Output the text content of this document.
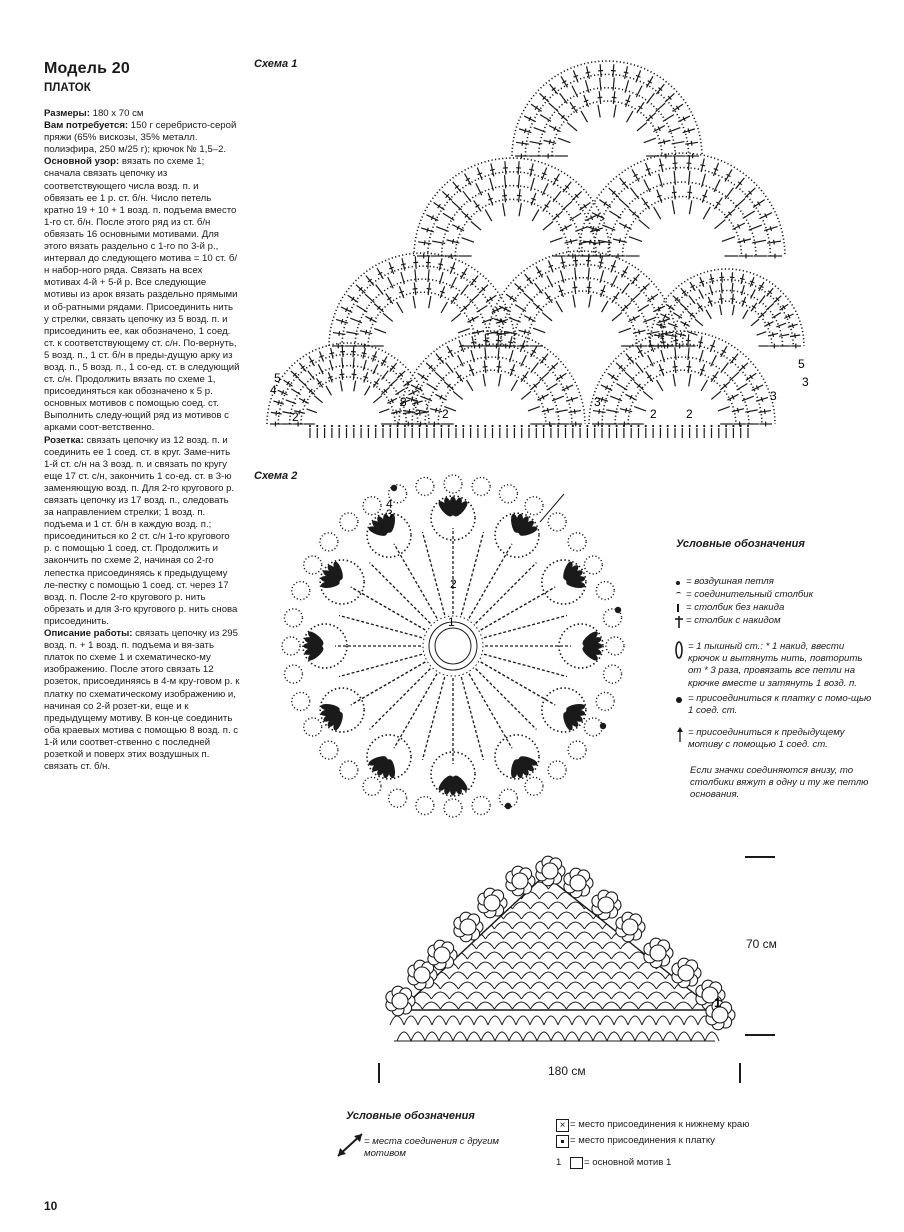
Модель 20
ПЛАТОК

Размеры: 180 х 70 см

Вам потребуется: 150 г серебристо-серой пряжи (65% вискозы, 35% металл. полиэфира, 250 м/25 г); крючок № 1,5–2.

Основной узор: вязать по схеме 1; сначала связать цепочку из соответствующего числа возд. п. и обвязать ее 1 р. ст. б/н. Число петель кратно 19 + 10 + 1 возд. п. подъема вместо 1-го ст. б/н. После этого ряд из ст. б/н обвязать 16 основными мотивами. Для этого вязать раздельно с 1-го по 3-й р., интервал до следующего мотива = 10 ст. б/н набор-ного ряда. Связать на всех мотивах 4-й + 5-й р. Все следующие мотивы из арок вязать раздельно прямыми и об-ратными рядами. Присоединить нить у стрелки, связать цепочку из 5 возд. п. и присоединить ее, как обозначено, 1 соед. ст. к соответствующему ст. с/н. По-вернуть, 5 возд. п., 1 ст. б/н в преды-дущую арку из возд. п., 5 возд. п., 1 со-ед. ст. в следующий ст. с/н. Продолжить вязать по схеме 1, присоединяться как обозначено к 5 р. основных мотивов с помощью соед. ст. Выполнить следу-ющий ряд из мотивов с арками соот-ветственно.

Розетка: связать цепочку из 12 возд. п. и соединить ее 1 соед. ст. в круг. Заме-нить 1-й ст. с/н на 3 возд. п. и связать по кругу еще 17 ст. с/н, закончить 1 со-ед. ст. в 3-ю заменяющую возд. п. Для 2-го кругового р. связать цепочку из 17 возд. п., следовать за направлением стрелки; 1 возд. п. подъема и 1 ст. б/н в каждую возд. п.; присоединиться ко 2 ст. с/н 1-го кругового р. с помощью 1 соед. ст. Продолжить и закончить по схеме 2, начиная со 2-го лепестка присоединяясь к предыдущему ле-пестку с помощью 1 соед. ст. через 17 возд. п. После 2-го кругового р. нить обрезать и для 3-го кругового р. нить снова присоединить.

Описание работы: связать цепочку из 295 возд. п. + 1 возд. п. подъема и вя-зать платок по схеме 1 и схематическо-му изображению. После этого связать 12 розеток, присоединяясь в 4-м кру-говом р. к платку по схематическому изображению и, начиная со 2-й розет-ки, еще и к предыдущему мотиву. В кон-це соединить оба краевых мотива с помощью 8 возд. п. с 1-й или соответ-ственно с последней розеткой и поверх этих воздушных п. связать ст. б/н.

Схема 1
2
3
4
5
2
3
2
3
2
3
5
Схема 2
1
2
3
4
Условные обозначения
= воздушная петля
= соединительный столбик
= столбик без накида
= столбик с накидом
= 1 пышный ст.: * 1 накид, ввести крючок и вытянуть нить, повторить от * 3 раза, провязать все петли на крючке вместе и затянуть 1 возд. п.
= присоединиться к платку с помо-щью 1 соед. ст.
= присоединиться к предыдущему мотиву с помощью 1 соед. ст.
Если значки соединяются внизу, то столбики вяжут в одну и ту же петлю основания.
1
70 см
180 см
Условные обозначения
= места соединения с другим мотивом
× = место присоединения к нижнему краю
= место присоединения к платку
1 = основной мотив 1
10
